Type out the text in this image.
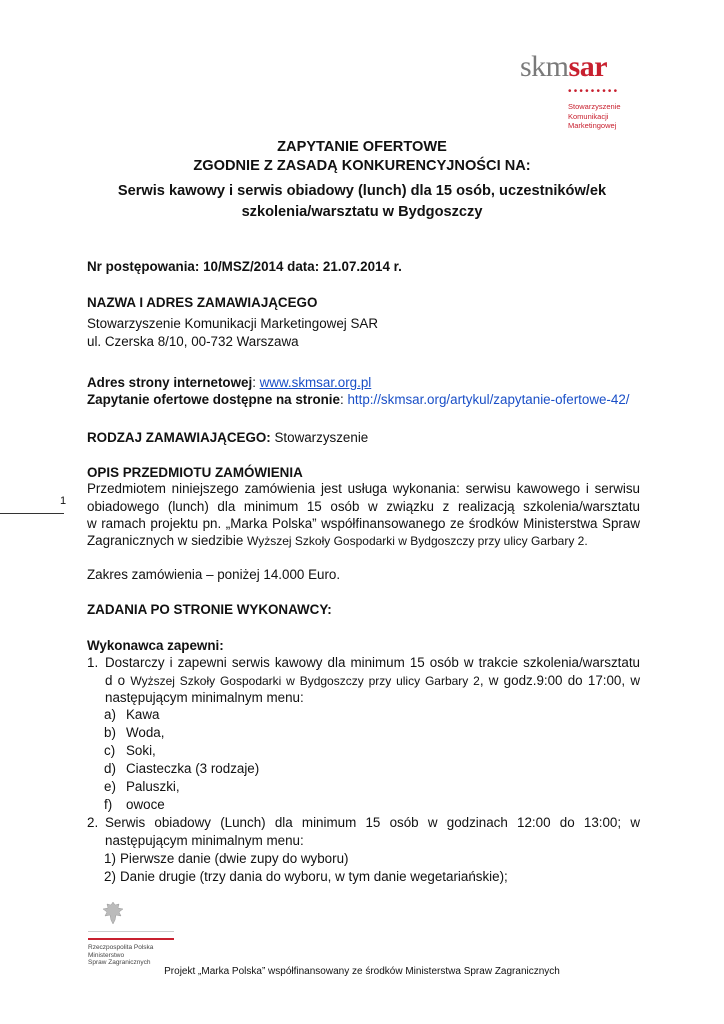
skmsar
•••••••••
Stowarzyszenie
Komunikacji
Marketingowej
ZAPYTANIE OFERTOWE
ZGODNIE Z ZASADĄ KONKURENCYJNOŚCI NA:
Serwis kawowy i serwis obiadowy (lunch) dla 15 osób, uczestników/ek
szkolenia/warsztatu w Bydgoszczy
Nr postępowania: 10/MSZ/2014 data: 21.07.2014 r.
NAZWA I ADRES ZAMAWIAJĄCEGO
Stowarzyszenie Komunikacji Marketingowej SAR
ul. Czerska 8/10, 00-732 Warszawa
Adres strony internetowej: www.skmsar.org.pl
Zapytanie ofertowe dostępne na stronie: http://skmsar.org/artykul/zapytanie-ofertowe-42/
RODZAJ ZAMAWIAJĄCEGO: Stowarzyszenie
OPIS PRZEDMIOTU ZAMÓWIENIA
Przedmiotem niniejszego zamówienia jest usługa wykonania: serwisu kawowego i serwisu
obiadowego (lunch) dla minimum 15 osób w związku z realizacją szkolenia/warsztatu
w ramach projektu pn. „Marka Polska” współfinansowanego ze środków Ministerstwa Spraw
Zagranicznych w siedzibie Wyższej Szkoły Gospodarki w Bydgoszczy przy ulicy Garbary 2.
Zakres zamówienia – poniżej 14.000 Euro.
ZADANIA PO STRONIE WYKONAWCY:
Wykonawca zapewni:
1. Dostarczy i zapewni serwis kawowy dla minimum 15 osób w trakcie szkolenia/warsztatu
d o Wyższej Szkoły Gospodarki w Bydgoszczy przy ulicy Garbary 2, w godz.9:00 do 17:00, w
następującym minimalnym menu:
a) Kawa
b) Woda,
c) Soki,
d) Ciasteczka (3 rodzaje)
e) Paluszki,
f) owoce
2. Serwis obiadowy (Lunch) dla minimum 15 osób w godzinach 12:00 do 13:00; w
następującym minimalnym menu:
1) Pierwsze danie (dwie zupy do wyboru)
2) Danie drugie (trzy dania do wyboru, w tym danie wegetariańskie);
1
Rzeczpospolita Polska
Ministerstwo
Spraw Zagranicznych
Projekt „Marka Polska” współfinansowany ze środków Ministerstwa Spraw Zagranicznych
